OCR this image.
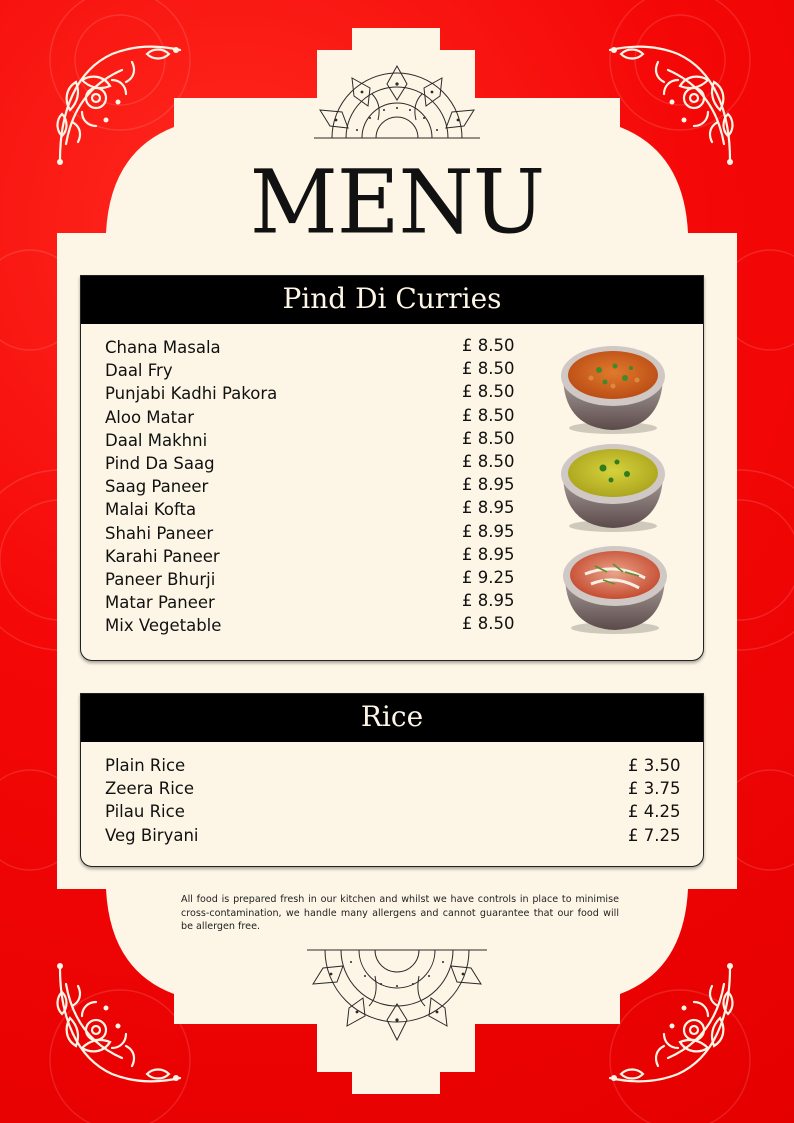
MENU
Pind Di Curries
Chana Masala	£ 8.50
Daal Fry	£ 8.50
Punjabi Kadhi Pakora	£ 8.50
Aloo Matar	£ 8.50
Daal Makhni	£ 8.50
Pind Da Saag	£ 8.50
Saag Paneer	£ 8.95
Malai Kofta	£ 8.95
Shahi Paneer	£ 8.95
Karahi Paneer	£ 8.95
Paneer Bhurji	£ 9.25
Matar Paneer	£ 8.95
Mix Vegetable	£ 8.50
Rice
Plain Rice	£ 3.50
Zeera Rice	£ 3.75
Pilau Rice	£ 4.25
Veg Biryani	£ 7.25

All food is prepared fresh in our kitchen and whilst we have controls in place to minimise cross-contamination, we handle many allergens and cannot guarantee that our food will be allergen free.
